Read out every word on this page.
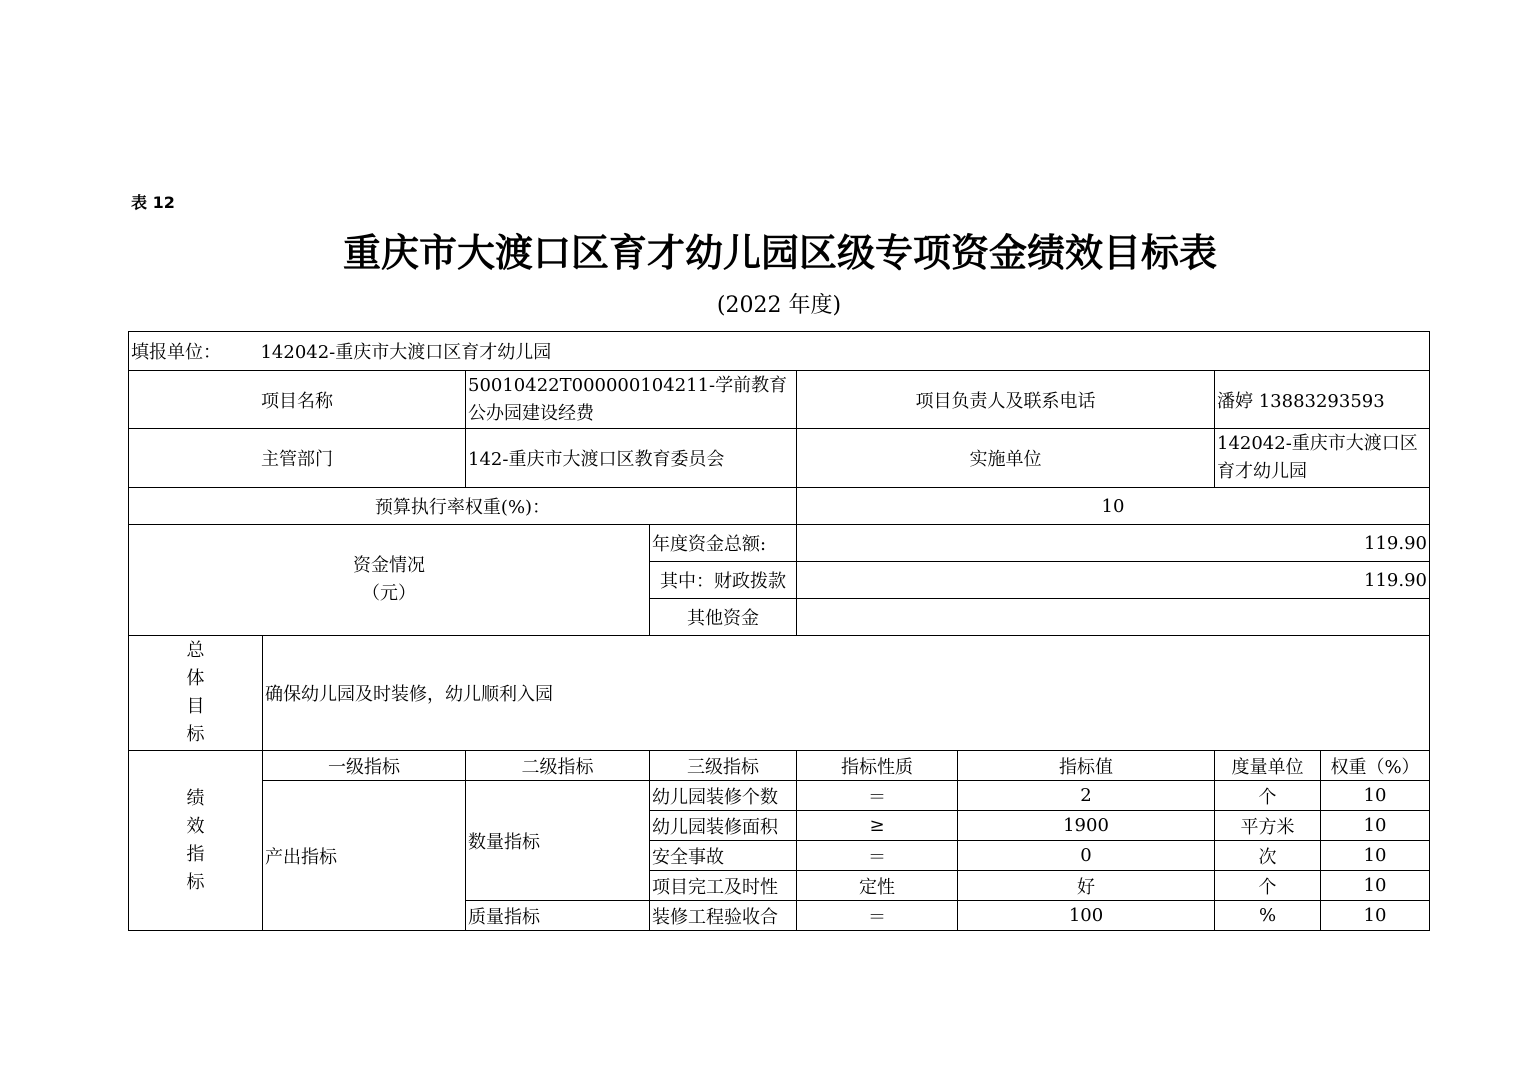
表 12
重庆市大渡口区育才幼儿园区级专项资金绩效目标表
(2022 年度)
填报单位： 142042-重庆市大渡口区育才幼儿园							
项目名称		50010422T000000104211-学前教育公办园建设经费		项目负责人及联系电话		潘婷 13883293593	
主管部门		142-重庆市大渡口区教育委员会		实施单位		142042-重庆市大渡口区育才幼儿园	
预算执行率权重(%)：				10			
资金情况
（元）			年度资金总额:	119.90			
			其中：财政拨款	119.90			
			其他资金				
总
体
目
标	确保幼儿园及时装修，幼儿顺利入园						
绩
效
指
标	一级指标	二级指标	三级指标	指标性质	指标值	度量单位	权重（%）
	产出指标	数量指标	幼儿园装修个数	＝	2	个	10
			幼儿园装修面积	≥	1900	平方米	10
			安全事故	＝	0	次	10
			项目完工及时性	定性	好	个	10
		质量指标	装修工程验收合	＝	100	%	10
